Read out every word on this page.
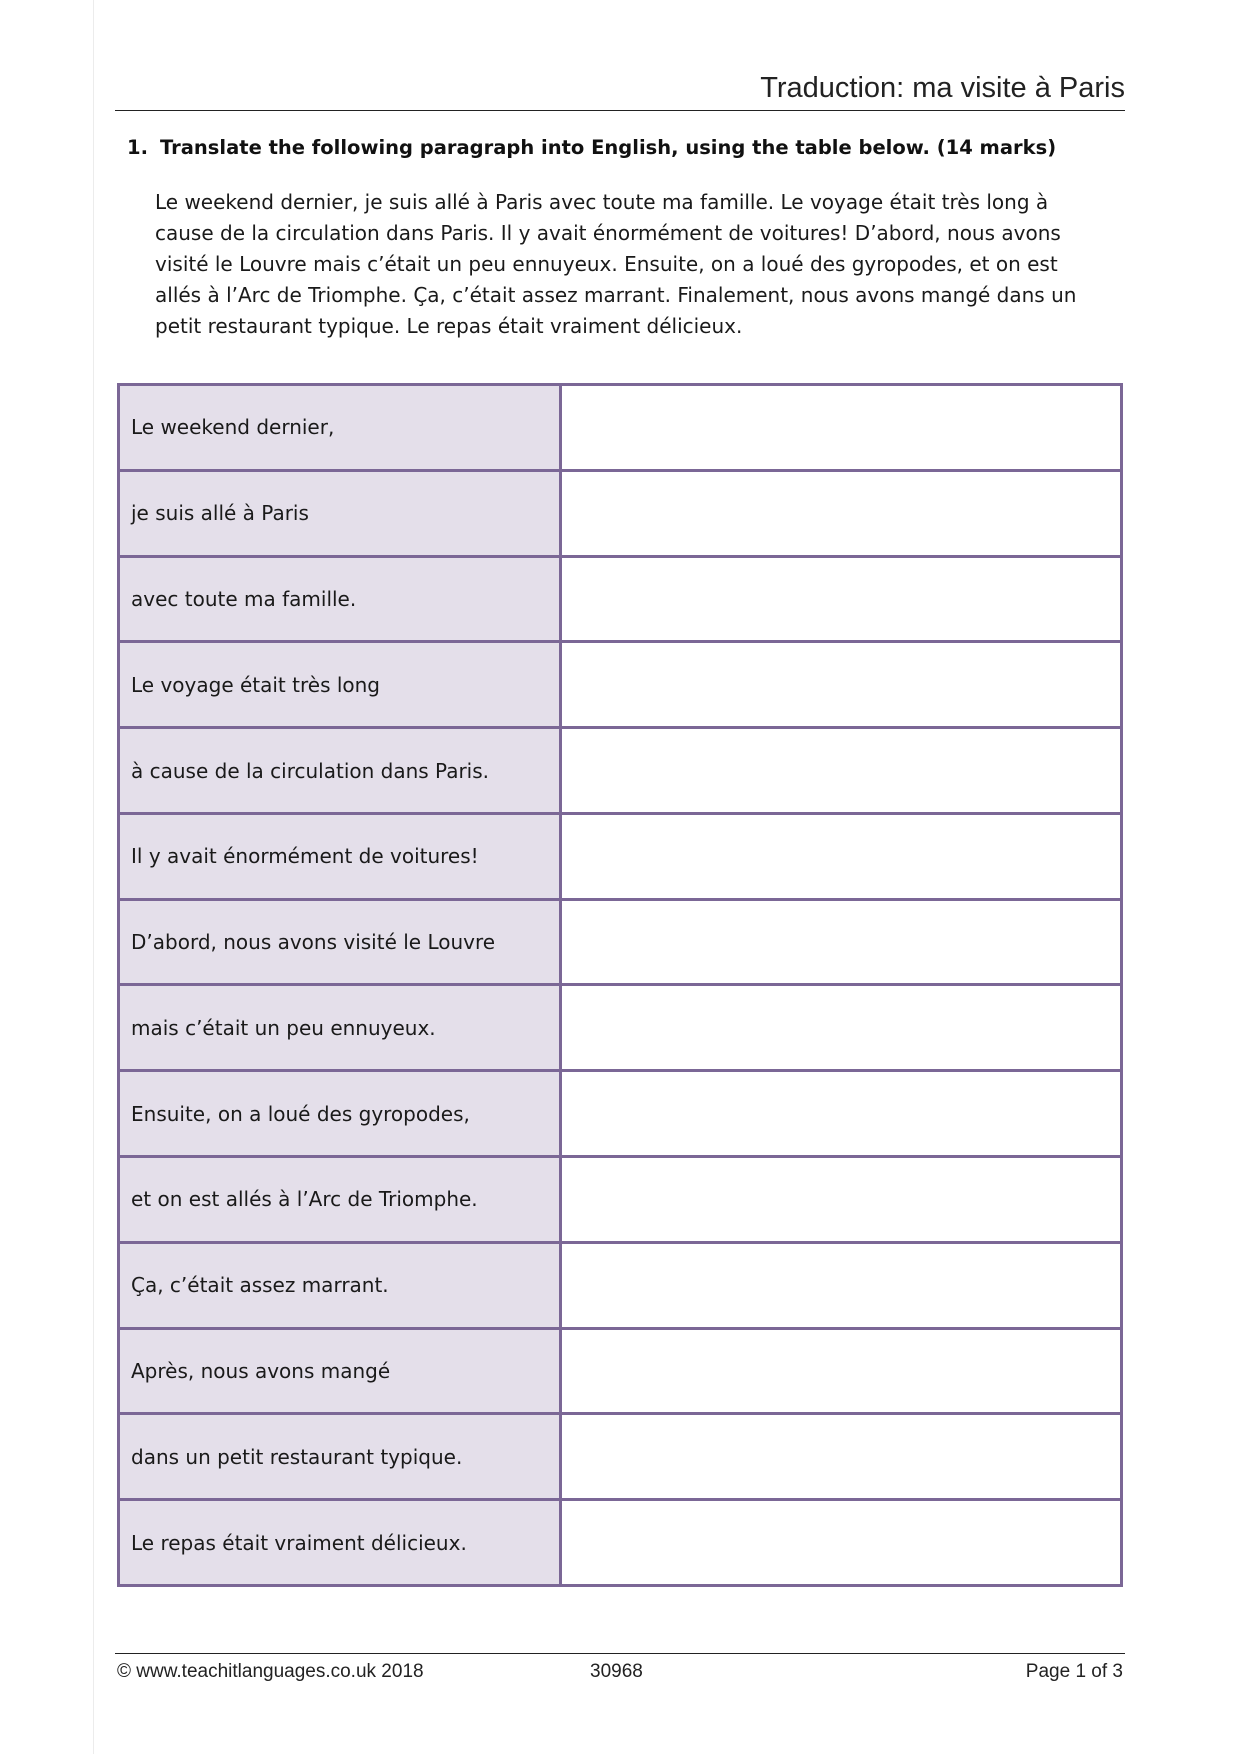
Traduction: ma visite à Paris
1. Translate the following paragraph into English, using the table below. (14 marks)
Le weekend dernier, je suis allé à Paris avec toute ma famille. Le voyage était très long à
cause de la circulation dans Paris. Il y avait énormément de voitures! D’abord, nous avons
visité le Louvre mais c’était un peu ennuyeux. Ensuite, on a loué des gyropodes, et on est
allés à l’Arc de Triomphe. Ça, c’était assez marrant. Finalement, nous avons mangé dans un
petit restaurant typique. Le repas était vraiment délicieux.
Le weekend dernier,	
je suis allé à Paris	
avec toute ma famille.	
Le voyage était très long	
à cause de la circulation dans Paris.	
Il y avait énormément de voitures!	
D’abord, nous avons visité le Louvre	
mais c’était un peu ennuyeux.	
Ensuite, on a loué des gyropodes,	
et on est allés à l’Arc de Triomphe.	
Ça, c’était assez marrant.	
Après, nous avons mangé	
dans un petit restaurant typique.	
Le repas était vraiment délicieux.	
© www.teachitlanguages.co.uk 2018	30968	Page 1 of 3
